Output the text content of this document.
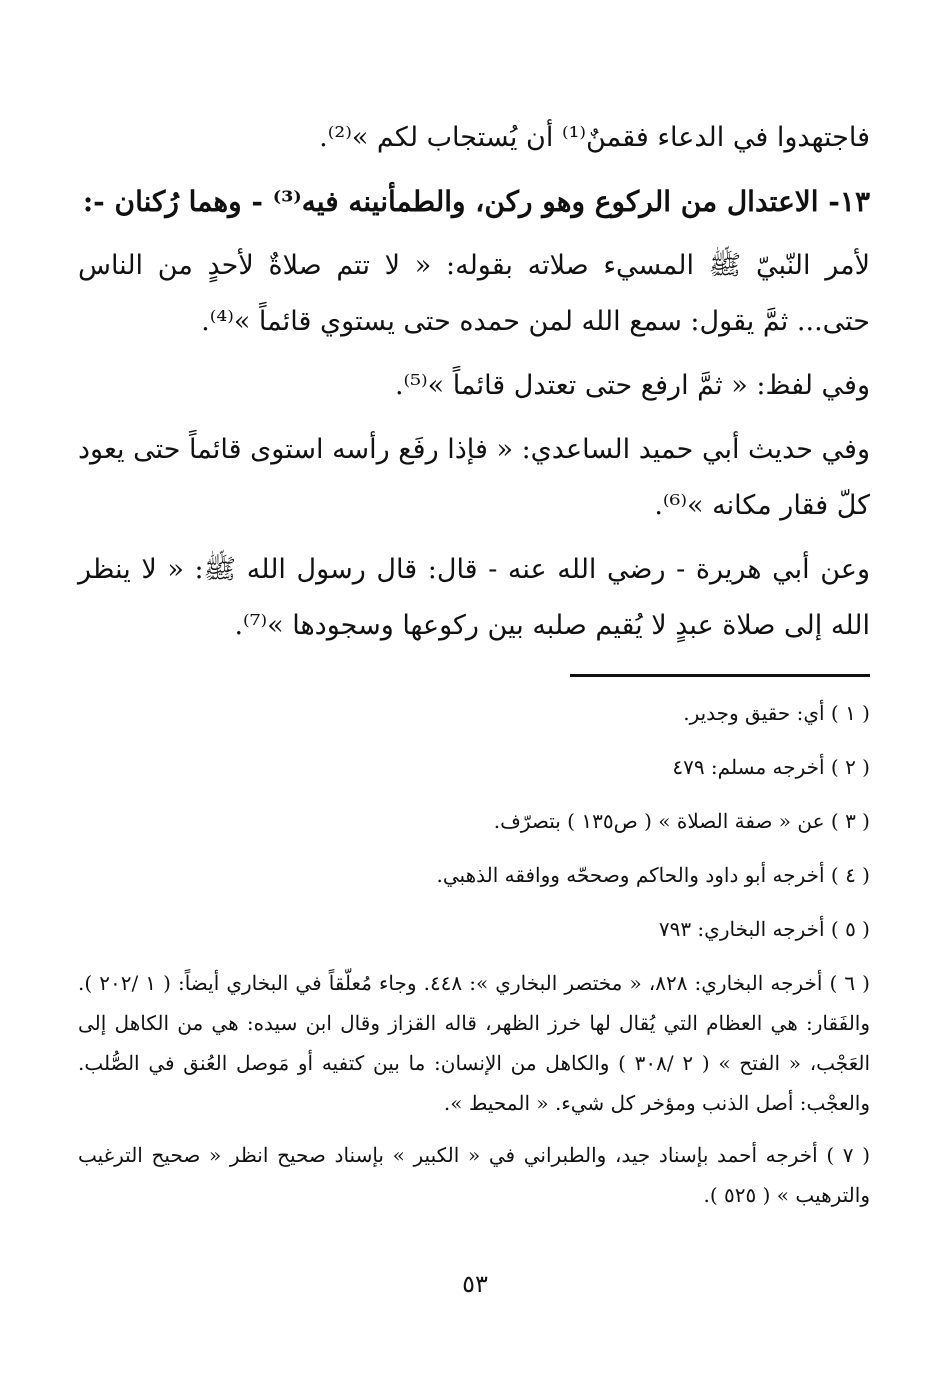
فاجتهدوا في الدعاء فقمنٌ⁽¹⁾ أن يُستجاب لكم »⁽²⁾.

١٣- الاعتدال من الركوع وهو ركن، والطمأنينه فيه⁽³⁾ - وهما رُكنان -:

لأمر النّبيّ ﷺ المسيء صلاته بقوله: « لا تتم صلاةٌ لأحدٍ من الناس حتى... ثمَّ يقول: سمع الله لمن حمده حتى يستوي قائماً »⁽⁴⁾.

وفي لفظ: « ثمَّ ارفع حتى تعتدل قائماً »⁽⁵⁾.

وفي حديث أبي حميد الساعدي: « فإذا رفَع رأسه استوى قائماً حتى يعود كلّ فقار مكانه »⁽⁶⁾.

وعن أبي هريرة - رضي الله عنه - قال: قال رسول الله ﷺ: « لا ينظر الله إلى صلاة عبدٍ لا يُقيم صلبه بين ركوعها وسجودها »⁽⁷⁾.

( ١ ) أي: حقيق وجدير.

( ٢ ) أخرجه مسلم: ٤٧٩

( ٣ ) عن « صفة الصلاة » ( ص١٣٥ ) بتصرّف.

( ٤ ) أخرجه أبو داود والحاكم وصححّه ووافقه الذهبي.

( ٥ ) أخرجه البخاري: ٧٩٣

( ٦ ) أخرجه البخاري: ٨٢٨، « مختصر البخاري »: ٤٤٨. وجاء مُعلّقاً في البخاري أيضاً: ( ١ /٢٠٢ ). والفَقار: هي العظام التي يُقال لها خرز الظهر، قاله القزاز وقال ابن سيده: هي من الكاهل إلى العَجْب، « الفتح » ( ٢ /٣٠٨ ) والكاهل من الإنسان: ما بين كتفيه أو مَوصل العُنق في الصُّلب. والعجْب: أصل الذنب ومؤخر كل شيء. « المحيط ».

( ٧ ) أخرجه أحمد بإسناد جيد، والطبراني في « الكبير » بإسناد صحيح انظر « صحيح الترغيب والترهيب » ( ٥٢٥ ).

٥٣
